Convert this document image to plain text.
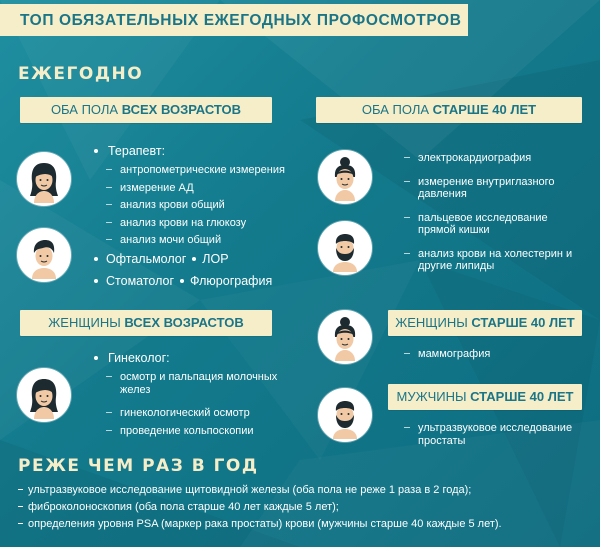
ТОП ОБЯЗАТЕЛЬНЫХ ЕЖЕГОДНЫХ ПРОФОСМОТРОВ
ЕЖЕГОДНО
ОБА ПОЛА ВСЕХ ВОЗРАСТОВ
Терапевт:
антропометрические измерения
измерение АД
анализ крови общий
анализ крови на глюкозу
анализ мочи общий
Офтальмолог ЛОР
Стоматолог Флюрография
ОБА ПОЛА СТАРШЕ 40 ЛЕТ
электрокардиография
измерение внутриглазного давления
пальцевое исследование прямой кишки
анализ крови на холестерин и другие липиды
ЖЕНЩИНЫ ВСЕХ ВОЗРАСТОВ
Гинеколог:
осмотр и пальпация молочных желез
гинекологический осмотр
проведение кольпоскопии
ЖЕНЩИНЫ СТАРШЕ 40 ЛЕТ
маммография
МУЖЧИНЫ СТАРШЕ 40 ЛЕТ
ультразвуковое исследование простаты
РЕЖЕ ЧЕМ РАЗ В ГОД
ультразвуковое исследование щитовидной железы (оба пола не реже 1 раза в 2 года);
фиброколоноскопия (оба пола старше 40 лет каждые 5 лет);
определения уровня PSA (маркер рака простаты) крови (мужчины старше 40 каждые 5 лет).
